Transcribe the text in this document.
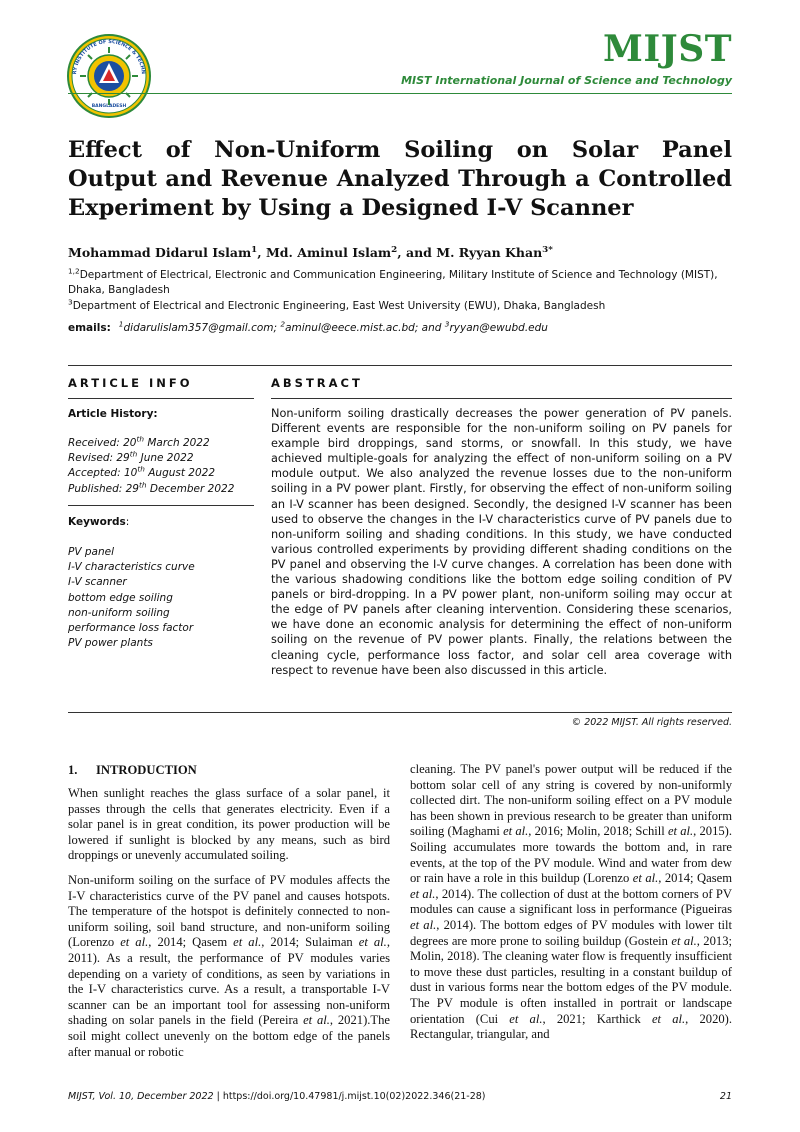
RY INSTITUTE OF SCIENCE & TECHN
BANGLADESH
MIJST
MIST International Journal of Science and Technology
Effect of Non-Uniform Soiling on Solar Panel Output and Revenue Analyzed Through a Controlled Experiment by Using a Designed I-V Scanner
Mohammad Didarul Islam$^1$, Md. Aminul Islam$^2$, and M. Ryyan Khan$^{3*}$
$^{1,2}$Department of Electrical, Electronic and Communication Engineering, Military Institute of Science and Technology (MIST), Dhaka, Bangladesh
$^3$Department of Electrical and Electronic Engineering, East West University (EWU), Dhaka, Bangladesh
emails: $^1$didarulislam357@gmail.com; $^2$aminul@eece.mist.ac.bd; and $^3$ryyan@ewubd.edu
ARTICLE INFO	ABSTRACT
Article History:
Received: 20th March 2022
Revised: 29th June 2022
Accepted: 10th August 2022
Published: 29th December 2022
Keywords:
PV panel
I-V characteristics curve
I-V scanner
bottom edge soiling
non-uniform soiling
performance loss factor
PV power plants
Non-uniform soiling drastically decreases the power generation of PV panels. Different events are responsible for the non-uniform soiling on PV panels for example bird droppings, sand storms, or snowfall. In this study, we have achieved multiple-goals for analyzing the effect of non-uniform soiling on a PV module output. We also analyzed the revenue losses due to the non-uniform soiling in a PV power plant. Firstly, for observing the effect of non-uniform soiling an I-V scanner has been designed. Secondly, the designed I-V scanner has been used to observe the changes in the I-V characteristics curve of PV panels due to non-uniform soiling and shading conditions. In this study, we have conducted various controlled experiments by providing different shading conditions on the PV panel and observing the I-V curve changes. A correlation has been done with the various shadowing conditions like the bottom edge soiling condition of PV panels or bird-dropping. In a PV power plant, non-uniform soiling may occur at the edge of PV panels after cleaning intervention. Considering these scenarios, we have done an economic analysis for determining the effect of non-uniform soiling on the revenue of PV power plants. Finally, the relations between the cleaning cycle, performance loss factor, and solar cell area coverage with respect to revenue have been also discussed in this article.
© 2022 MIJST. All rights reserved.
1. INTRODUCTION

When sunlight reaches the glass surface of a solar panel, it passes through the cells that generates electricity. Even if a solar panel is in great condition, its power production will be lowered if sunlight is blocked by any means, such as bird droppings or unevenly accumulated soiling.

Non-uniform soiling on the surface of PV modules affects the I-V characteristics curve of the PV panel and causes hotspots. The temperature of the hotspot is definitely connected to non-uniform soiling, soil band structure, and non-uniform soiling (Lorenzo et al., 2014; Qasem et al., 2014; Sulaiman et al., 2011). As a result, the performance of PV modules varies depending on a variety of conditions, as seen by variations in the I-V characteristics curve. As a result, a transportable I-V scanner can be an important tool for assessing non-uniform shading on solar panels in the field (Pereira et al., 2021).The soil might collect unevenly on the bottom edge of the panels after manual or robotic

cleaning. The PV panel's power output will be reduced if the bottom solar cell of any string is covered by non-uniformly collected dirt. The non-uniform soiling effect on a PV module has been shown in previous research to be greater than uniform soiling (Maghami et al., 2016; Molin, 2018; Schill et al., 2015). Soiling accumulates more towards the bottom and, in rare events, at the top of the PV module. Wind and water from dew or rain have a role in this buildup (Lorenzo et al., 2014; Qasem et al., 2014). The collection of dust at the bottom corners of PV modules can cause a significant loss in performance (Pigueiras et al., 2014). The bottom edges of PV modules with lower tilt degrees are more prone to soiling buildup (Gostein et al., 2013; Molin, 2018). The cleaning water flow is frequently insufficient to move these dust particles, resulting in a constant buildup of dust in various forms near the bottom edges of the PV module. The PV module is often installed in portrait or landscape orientation (Cui et al., 2021; Karthick et al., 2020). Rectangular, triangular, and

MIJST, Vol. 10, December 2022 | https://doi.org/10.47981/j.mijst.10(02)2022.346(21-28)	21
